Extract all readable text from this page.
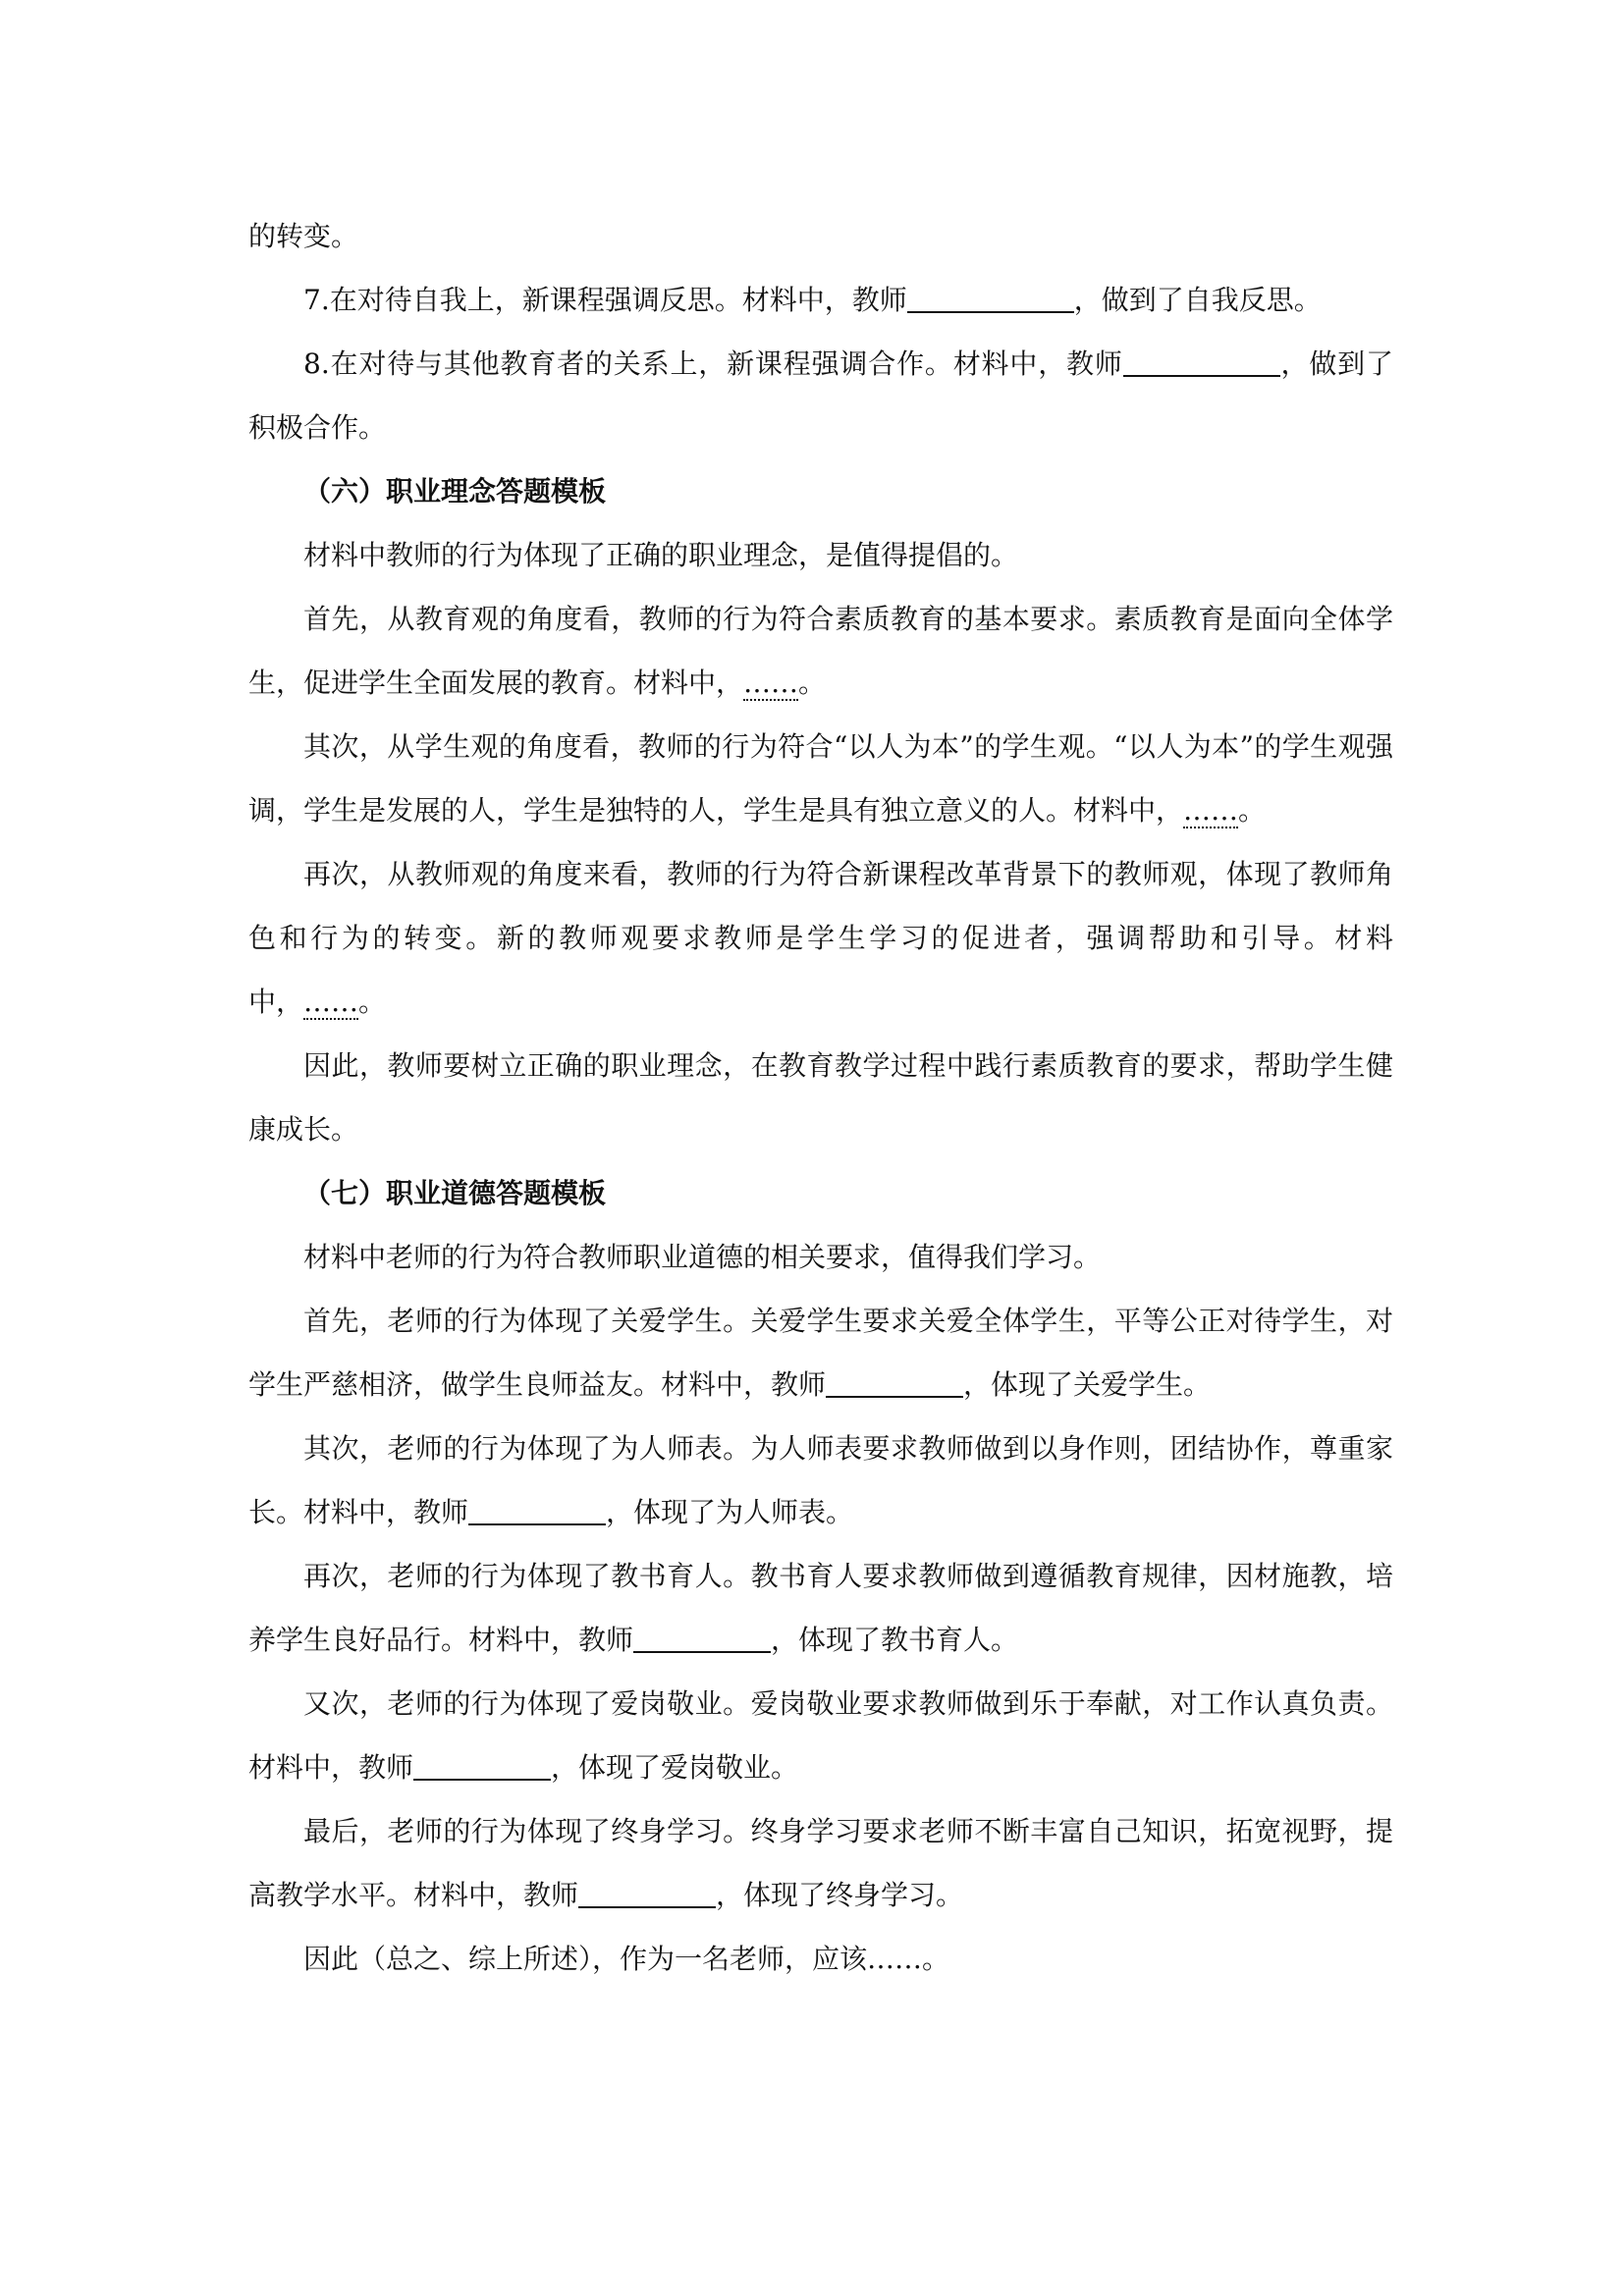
的转变。

7.在对待自我上，新课程强调反思。材料中，教师	，做到了自我反思。

8.在对待与其他教育者的关系上，新课程强调合作。材料中，教师	，做到了积极合作。

（六）职业理念答题模板

材料中教师的行为体现了正确的职业理念，是值得提倡的。

首先，从教育观的角度看，教师的行为符合素质教育的基本要求。素质教育是面向全体学生，促进学生全面发展的教育。材料中，……。

其次，从学生观的角度看，教师的行为符合“以人为本”的学生观。“以人为本”的学生观强调，学生是发展的人，学生是独特的人，学生是具有独立意义的人。材料中，……。

再次，从教师观的角度来看，教师的行为符合新课程改革背景下的教师观，体现了教师角色和行为的转变。新的教师观要求教师是学生学习的促进者，强调帮助和引导。材料中，……。

因此，教师要树立正确的职业理念，在教育教学过程中践行素质教育的要求，帮助学生健康成长。

（七）职业道德答题模板

材料中老师的行为符合教师职业道德的相关要求，值得我们学习。

首先，老师的行为体现了关爱学生。关爱学生要求关爱全体学生，平等公正对待学生，对学生严慈相济，做学生良师益友。材料中，教师	，体现了关爱学生。

其次，老师的行为体现了为人师表。为人师表要求教师做到以身作则，团结协作，尊重家长。材料中，教师	，体现了为人师表。

再次，老师的行为体现了教书育人。教书育人要求教师做到遵循教育规律，因材施教，培养学生良好品行。材料中，教师	，体现了教书育人。

又次，老师的行为体现了爱岗敬业。爱岗敬业要求教师做到乐于奉献，对工作认真负责。材料中，教师	，体现了爱岗敬业。

最后，老师的行为体现了终身学习。终身学习要求老师不断丰富自己知识，拓宽视野，提高教学水平。材料中，教师	，体现了终身学习。

因此（总之、综上所述），作为一名老师，应该……。
